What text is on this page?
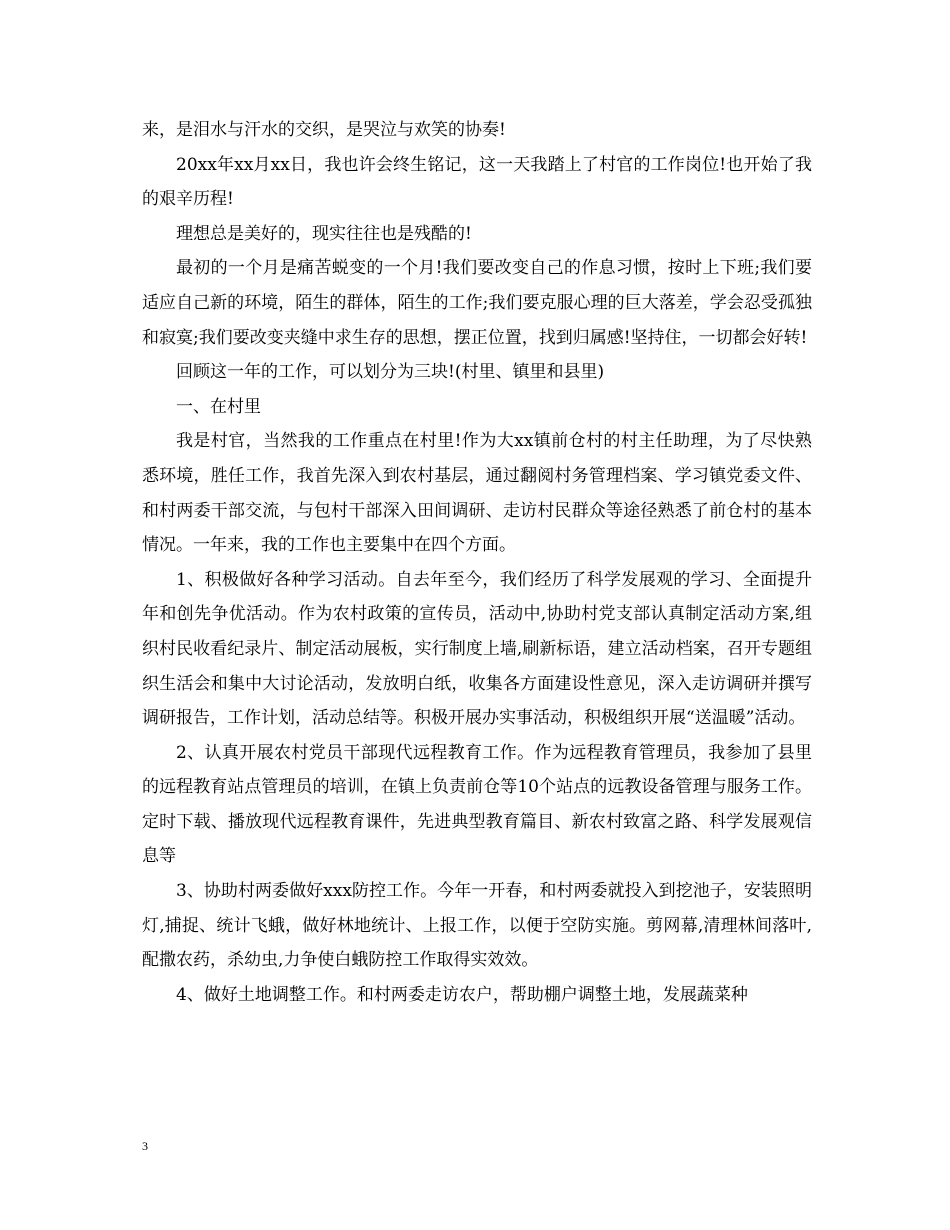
来，是泪水与汗水的交织，是哭泣与欢笑的协奏!

20xx年xx月xx日，我也许会终生铭记，这一天我踏上了村官的工作岗位!也开始了我的艰辛历程!

理想总是美好的，现实往往也是残酷的!

最初的一个月是痛苦蜕变的一个月!我们要改变自己的作息习惯，按时上下班;我们要适应自己新的环境，陌生的群体，陌生的工作;我们要克服心理的巨大落差，学会忍受孤独和寂寞;我们要改变夹缝中求生存的思想，摆正位置，找到归属感!坚持住，一切都会好转!

回顾这一年的工作，可以划分为三块!(村里、镇里和县里)

一、在村里

我是村官，当然我的工作重点在村里!作为大xx镇前仓村的村主任助理，为了尽快熟悉环境，胜任工作，我首先深入到农村基层，通过翻阅村务管理档案、学习镇党委文件、和村两委干部交流，与包村干部深入田间调研、走访村民群众等途径熟悉了前仓村的基本情况。一年来，我的工作也主要集中在四个方面。

1、积极做好各种学习活动。自去年至今，我们经历了科学发展观的学习、全面提升年和创先争优活动。作为农村政策的宣传员，活动中,协助村党支部认真制定活动方案,组织村民收看纪录片、制定活动展板，实行制度上墙,刷新标语，建立活动档案，召开专题组织生活会和集中大讨论活动，发放明白纸，收集各方面建设性意见，深入走访调研并撰写调研报告，工作计划，活动总结等。积极开展办实事活动，积极组织开展“送温暖”活动。

2、认真开展农村党员干部现代远程教育工作。作为远程教育管理员，我参加了县里的远程教育站点管理员的培训，在镇上负责前仓等10个站点的远教设备管理与服务工作。定时下载、播放现代远程教育课件，先进典型教育篇目、新农村致富之路、科学发展观信息等

3、协助村两委做好xxx防控工作。今年一开春，和村两委就投入到挖池子，安装照明灯,捕捉、统计飞蛾，做好林地统计、上报工作，以便于空防实施。剪网幕,清理林间落叶,配撒农药，杀幼虫,力争使白蛾防控工作取得实效效。

4、做好土地调整工作。和村两委走访农户，帮助棚户调整土地，发展蔬菜种

3
